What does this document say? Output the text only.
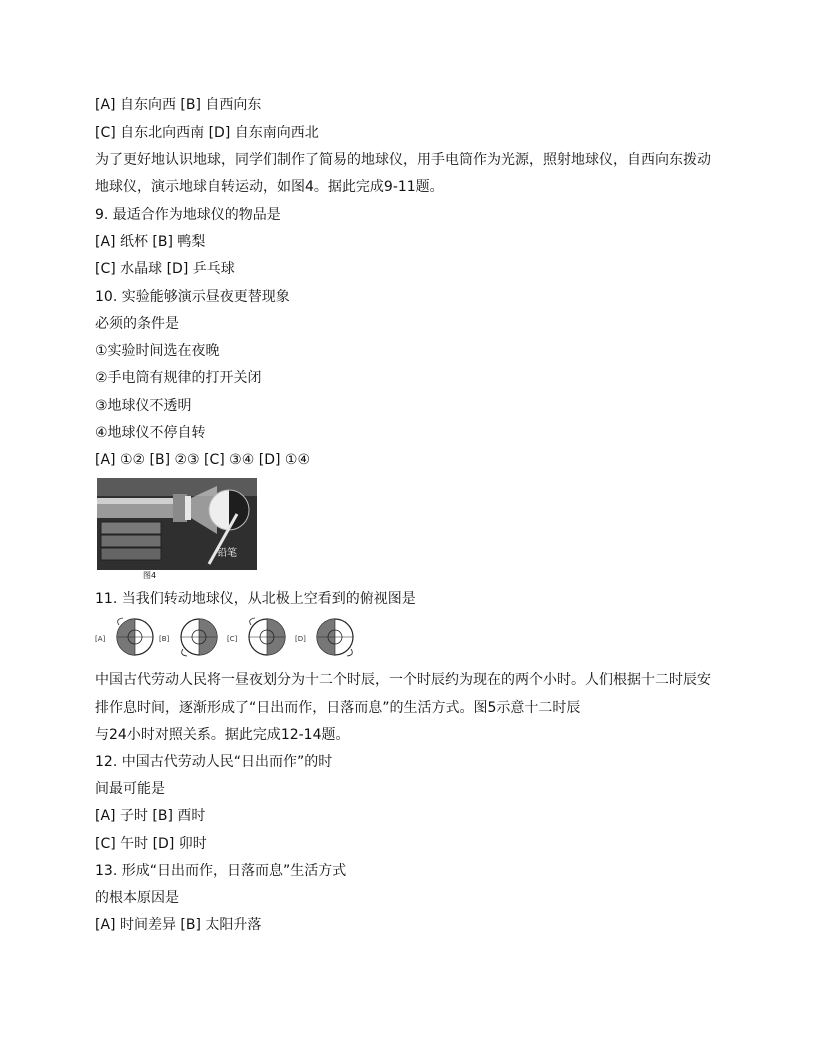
[A] 自东向西 [B] 自西向东
[C] 自东北向西南 [D] 自东南向西北
为了更好地认识地球，同学们制作了简易的地球仪，用手电筒作为光源，照射地球仪，自西向东拨动
地球仪，演示地球自转运动，如图4。据此完成9-11题。
9. 最适合作为地球仪的物品是
[A] 纸杯 [B] 鸭梨
[C] 水晶球 [D] 乒乓球
10. 实验能够演示昼夜更替现象
必须的条件是
①实验时间选在夜晚
②手电筒有规律的打开关闭
③地球仪不透明
④地球仪不停自转
[A] ①② [B] ②③ [C] ③④ [D] ①④
铅笔
图4
11. 当我们转动地球仪，从北极上空看到的俯视图是
[A]	[B]	[C]	[D]
中国古代劳动人民将一昼夜划分为十二个时辰，一个时辰约为现在的两个小时。人们根据十二时辰安
排作息时间，逐渐形成了“日出而作，日落而息”的生活方式。图5示意十二时辰
与24小时对照关系。据此完成12-14题。
12. 中国古代劳动人民“日出而作”的时
间最可能是
[A] 子时 [B] 酉时
[C] 午时 [D] 卯时
13. 形成“日出而作，日落而息”生活方式
的根本原因是
[A] 时间差异 [B] 太阳升落
